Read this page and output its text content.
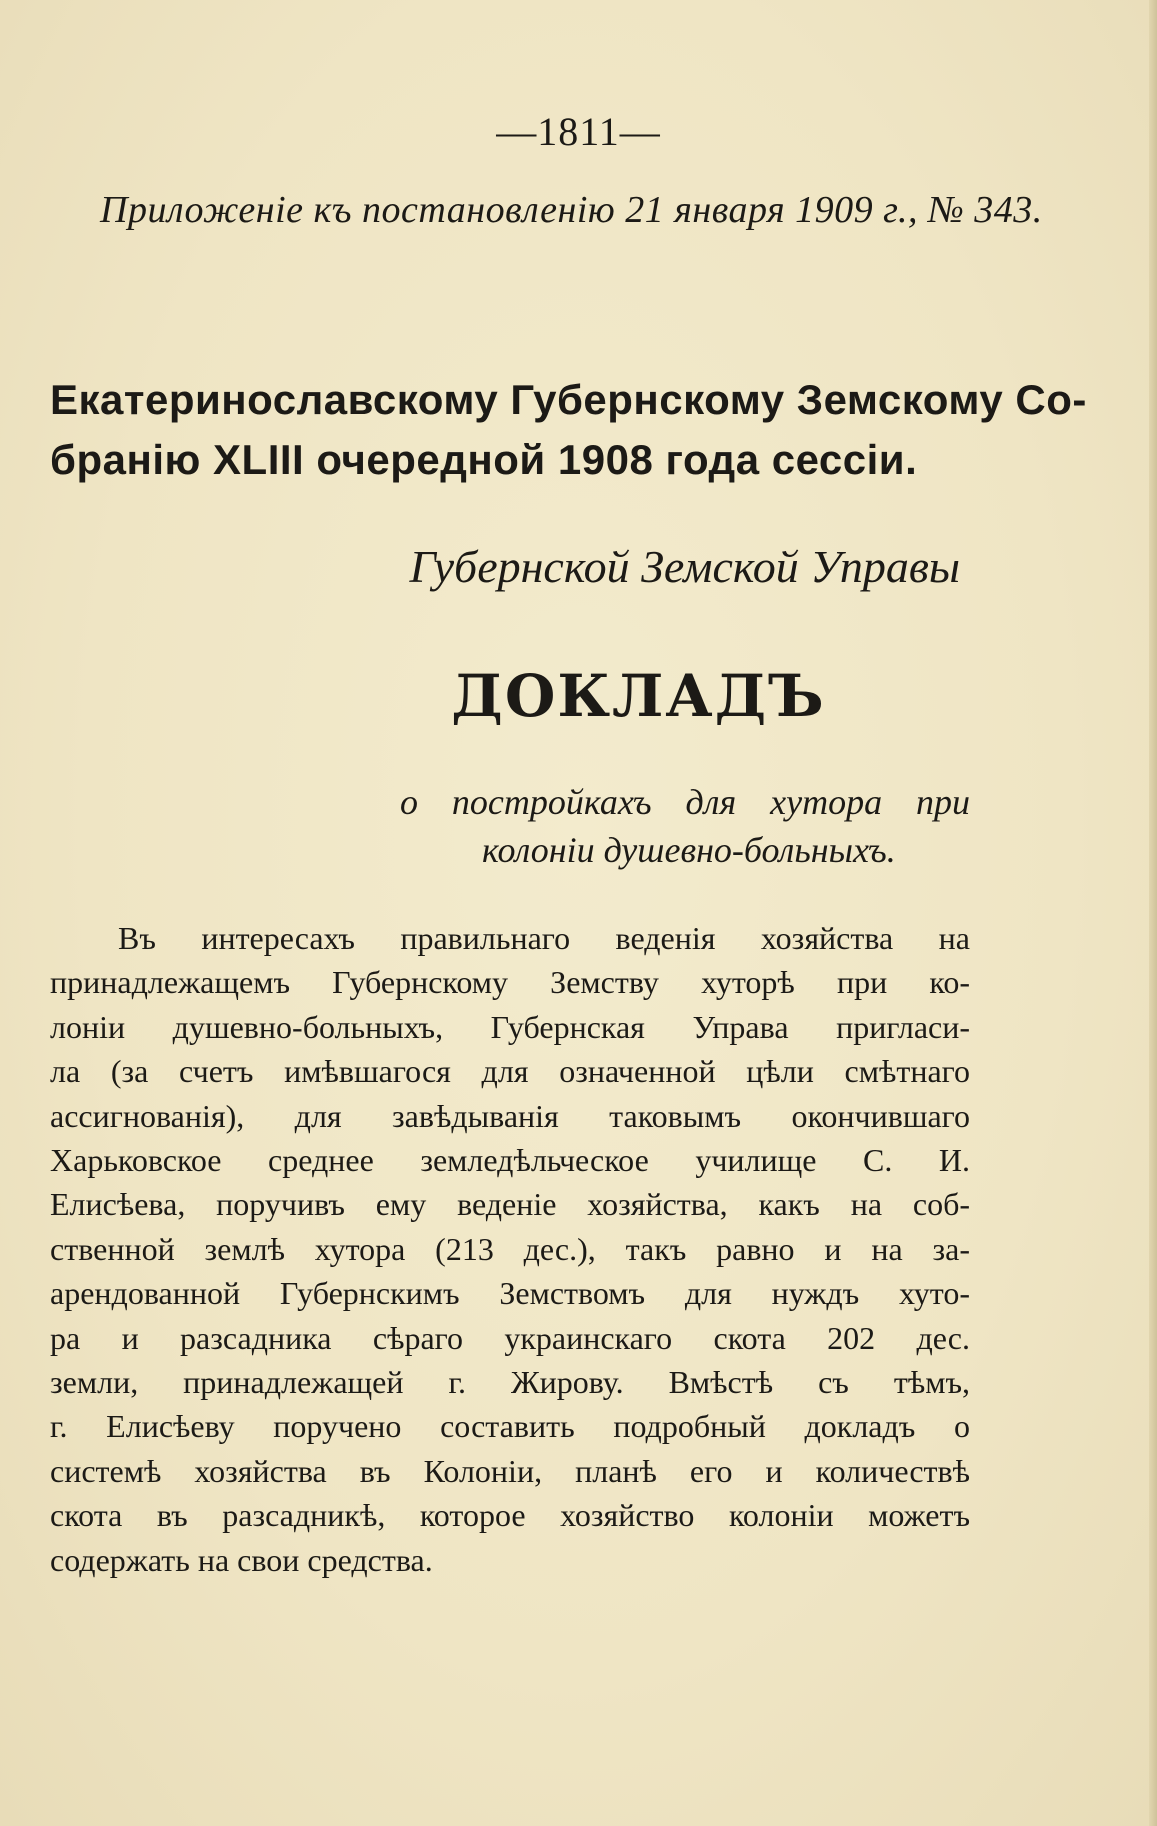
—1811—
Приложеніе къ постановленію 21 января 1909 г., № 343.
Екатеринославскому Губернскому Земскому Со-
бранію XLIII очередной 1908 года сессіи.
Губернской Земской Управы
ДОКЛАДЪ
о постройкахъ для хутора при
колоніи душевно-больныхъ.
Въ интересахъ правильнаго веденія хозяйства на
принадлежащемъ Губернскому Земству хуторѣ при ко-
лоніи душевно-больныхъ, Губернская Управа пригласи-
ла (за счетъ имѣвшагося для означенной цѣли смѣтнаго
ассигнованія), для завѣдыванія таковымъ окончившаго
Харьковское среднее земледѣльческое училище С. И.
Елисѣева, поручивъ ему веденіе хозяйства, какъ на соб-
ственной землѣ хутора (213 дес.), такъ равно и на за-
арендованной Губернскимъ Земствомъ для нуждъ хуто-
ра и разсадника сѣраго украинскаго скота 202 дес.
земли, принадлежащей г. Жирову. Вмѣстѣ съ тѣмъ,
г. Елисѣеву поручено составить подробный докладъ о
системѣ хозяйства въ Колоніи, планѣ его и количествѣ
скота въ разсадникѣ, которое хозяйство колоніи можетъ
содержать на свои средства.
